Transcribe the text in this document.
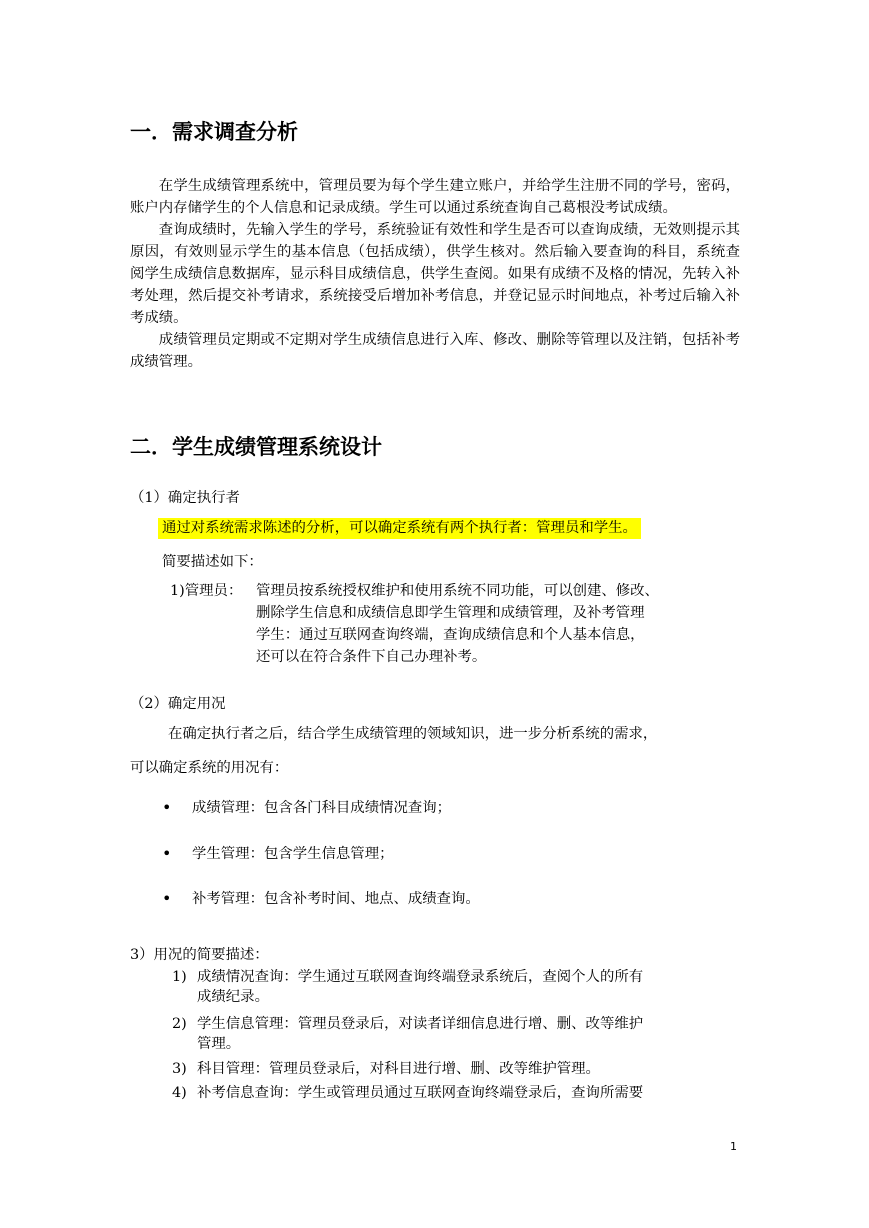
一．需求调查分析

在学生成绩管理系统中，管理员要为每个学生建立账户，并给学生注册不同的学号，密码，账户内存储学生的个人信息和记录成绩。学生可以通过系统查询自己葛根没考试成绩。

查询成绩时，先输入学生的学号，系统验证有效性和学生是否可以查询成绩，无效则提示其原因，有效则显示学生的基本信息（包括成绩），供学生核对。然后输入要查询的科目，系统查阅学生成绩信息数据库，显示科目成绩信息，供学生查阅。如果有成绩不及格的情况，先转入补考处理，然后提交补考请求，系统接受后增加补考信息，并登记显示时间地点，补考过后输入补考成绩。

成绩管理员定期或不定期对学生成绩信息进行入库、修改、删除等管理以及注销，包括补考成绩管理。

二．学生成绩管理系统设计
（1）确定执行者
通过对系统需求陈述的分析，可以确定系统有两个执行者：管理员和学生。
简要描述如下：
1)管理员： 管理员按系统授权维护和使用系统不同功能，可以创建、修改、
删除学生信息和成绩信息即学生管理和成绩管理，及补考管理
学生：通过互联网查询终端，查询成绩信息和个人基本信息，
还可以在符合条件下自己办理补考。
（2）确定用况
在确定执行者之后，结合学生成绩管理的领域知识，进一步分析系统的需求，
可以确定系统的用况有：
• 成绩管理：包含各门科目成绩情况查询；
• 学生管理：包含学生信息管理；
• 补考管理：包含补考时间、地点、成绩查询。
3）用况的简要描述：
1) 成绩情况查询：学生通过互联网查询终端登录系统后，查阅个人的所有
成绩纪录。
2) 学生信息管理：管理员登录后，对读者详细信息进行增、删、改等维护
管理。
3) 科目管理：管理员登录后，对科目进行增、删、改等维护管理。
4) 补考信息查询：学生或管理员通过互联网查询终端登录后，查询所需要
1
